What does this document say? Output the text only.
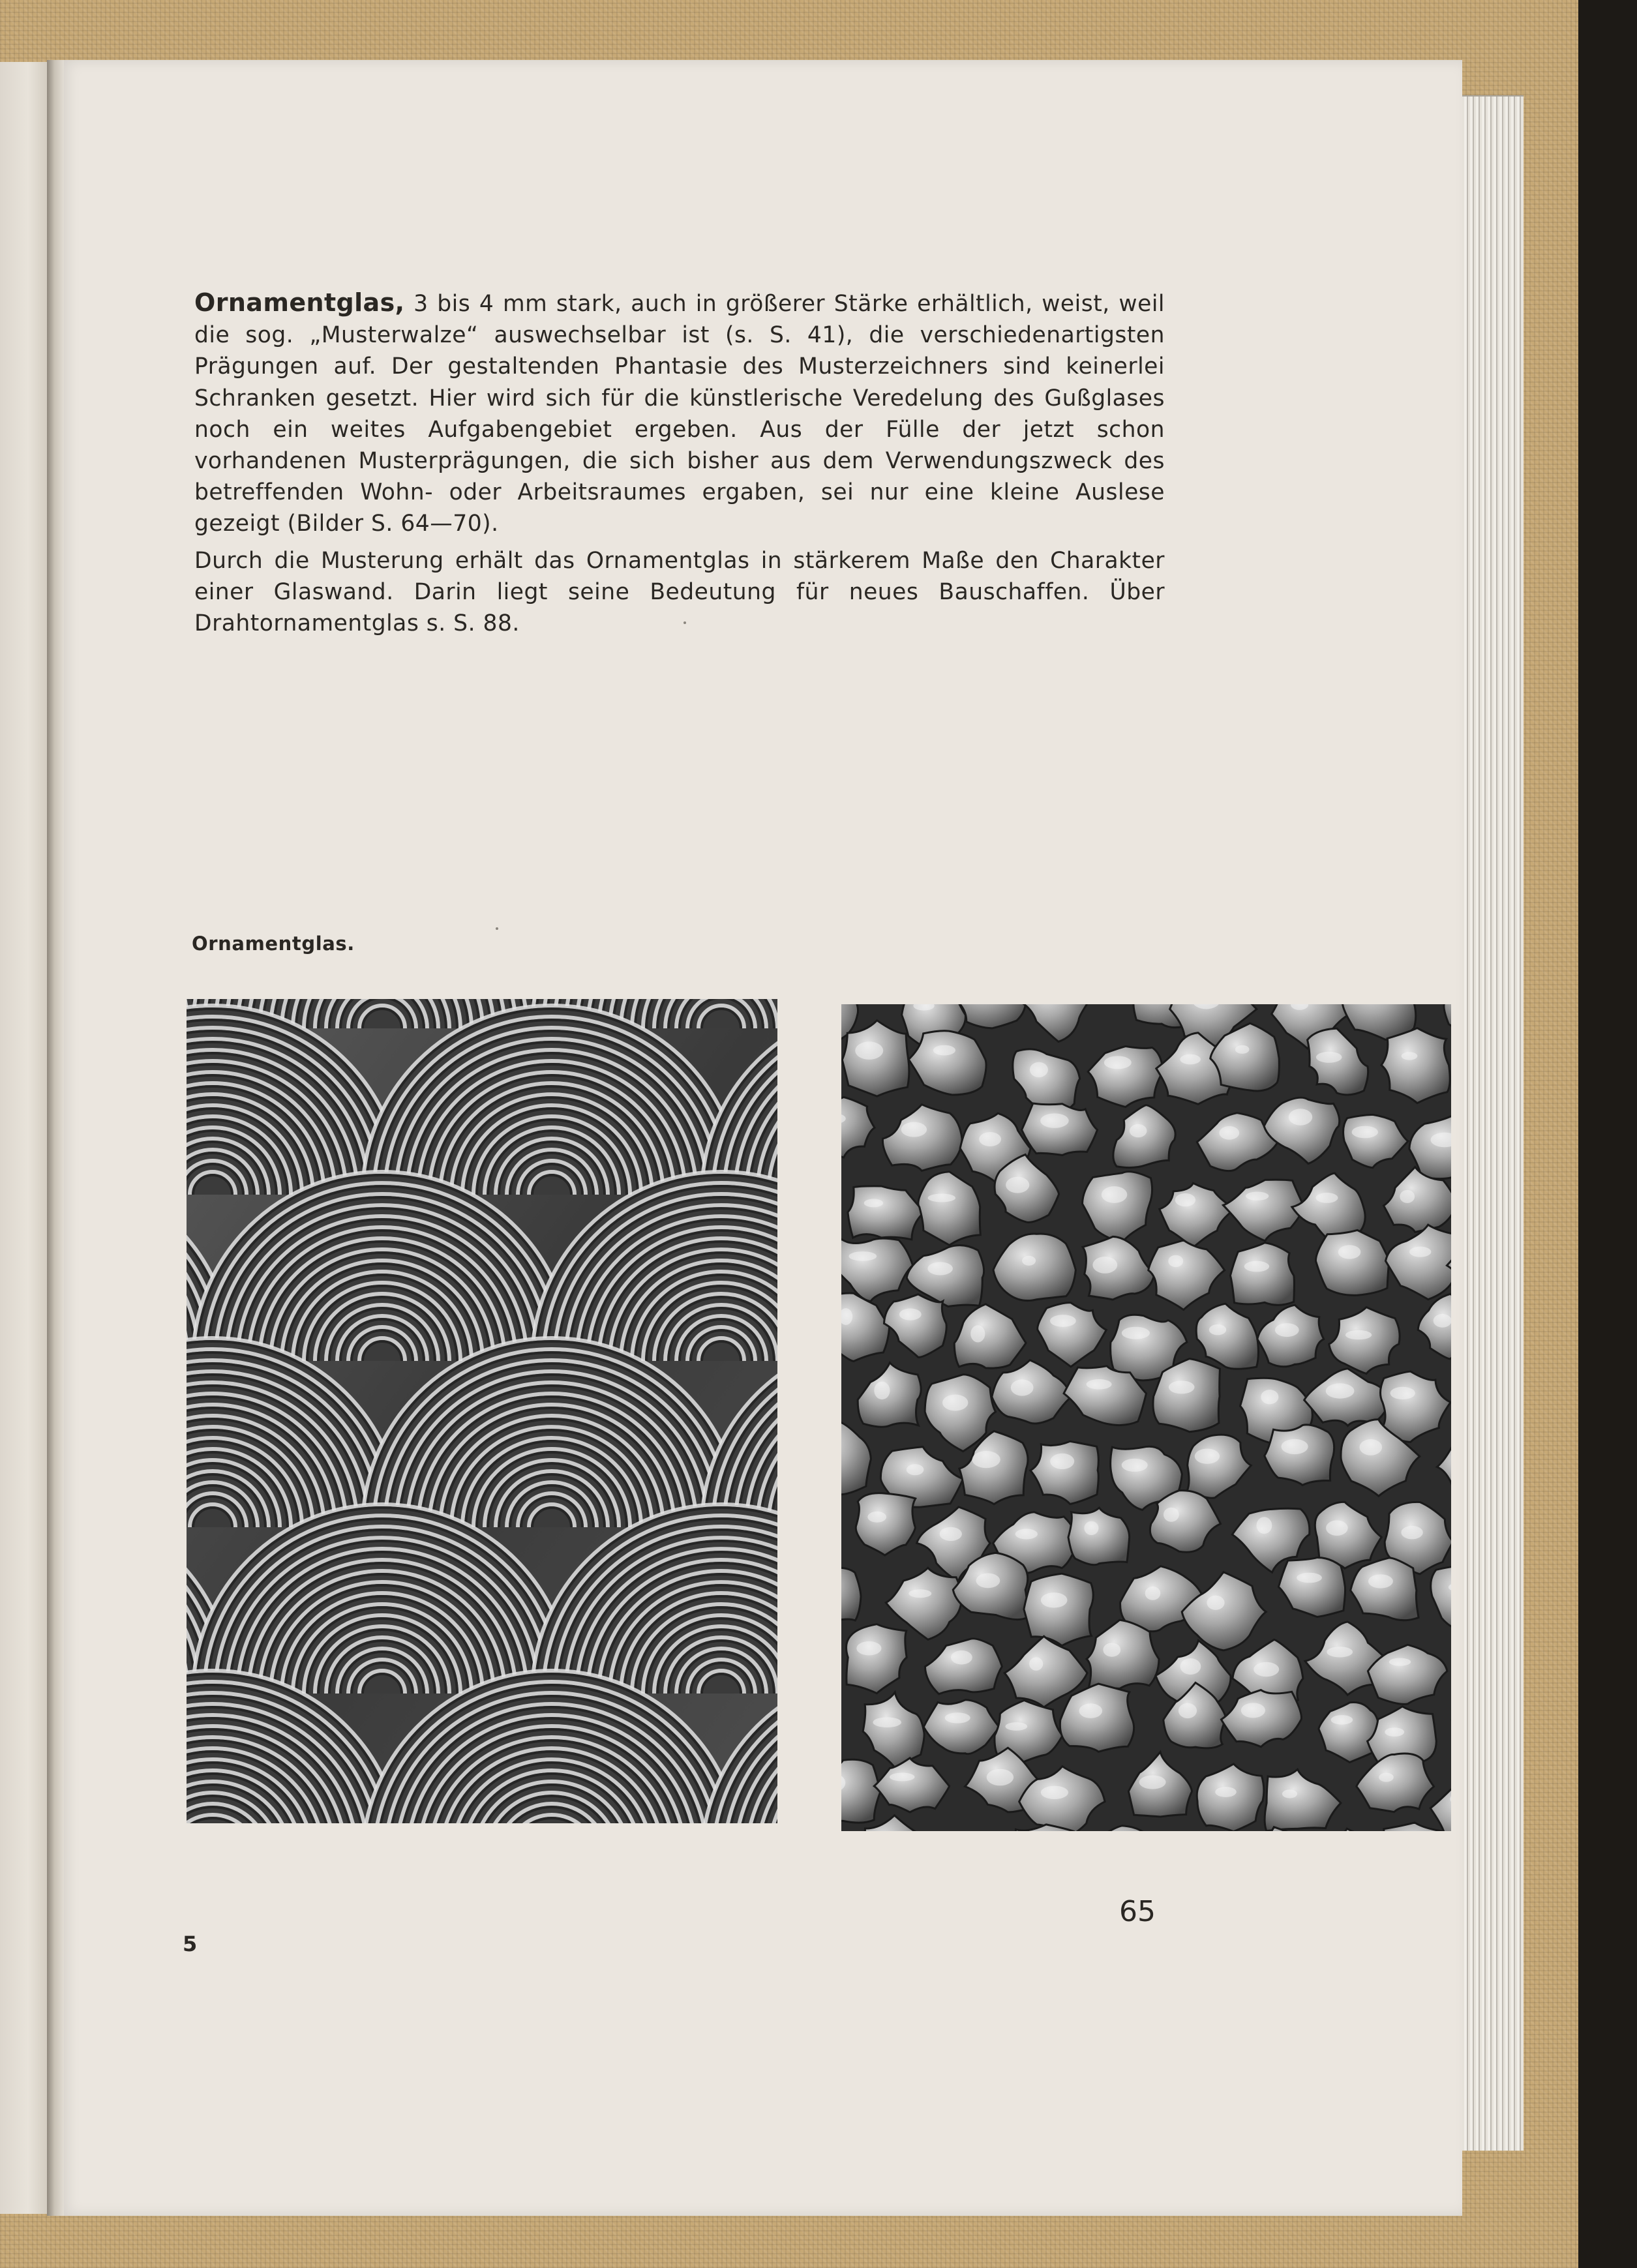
Ornamentglas, 3 bis 4 mm stark, auch in größerer Stärke erhältlich, weist, weil die sog. „Musterwalze“ auswechselbar ist (s. S. 41), die verschiedenartigsten Prägungen auf. Der gestaltenden Phantasie des Musterzeichners sind keinerlei Schranken gesetzt. Hier wird sich für die künstlerische Veredelung des Gußglases noch ein weites Aufgabengebiet ergeben. Aus der Fülle der jetzt schon vorhandenen Musterprägungen, die sich bisher aus dem Verwendungszweck des betreffenden Wohn- oder Arbeitsraumes ergaben, sei nur eine kleine Auslese gezeigt (Bilder S. 64—70).

Durch die Musterung erhält das Ornamentglas in stärkerem Maße den Charakter einer Glaswand. Darin liegt seine Bedeutung für neues Bauschaffen. Über Drahtornamentglas s. S. 88.

Ornamentglas.
65
5
